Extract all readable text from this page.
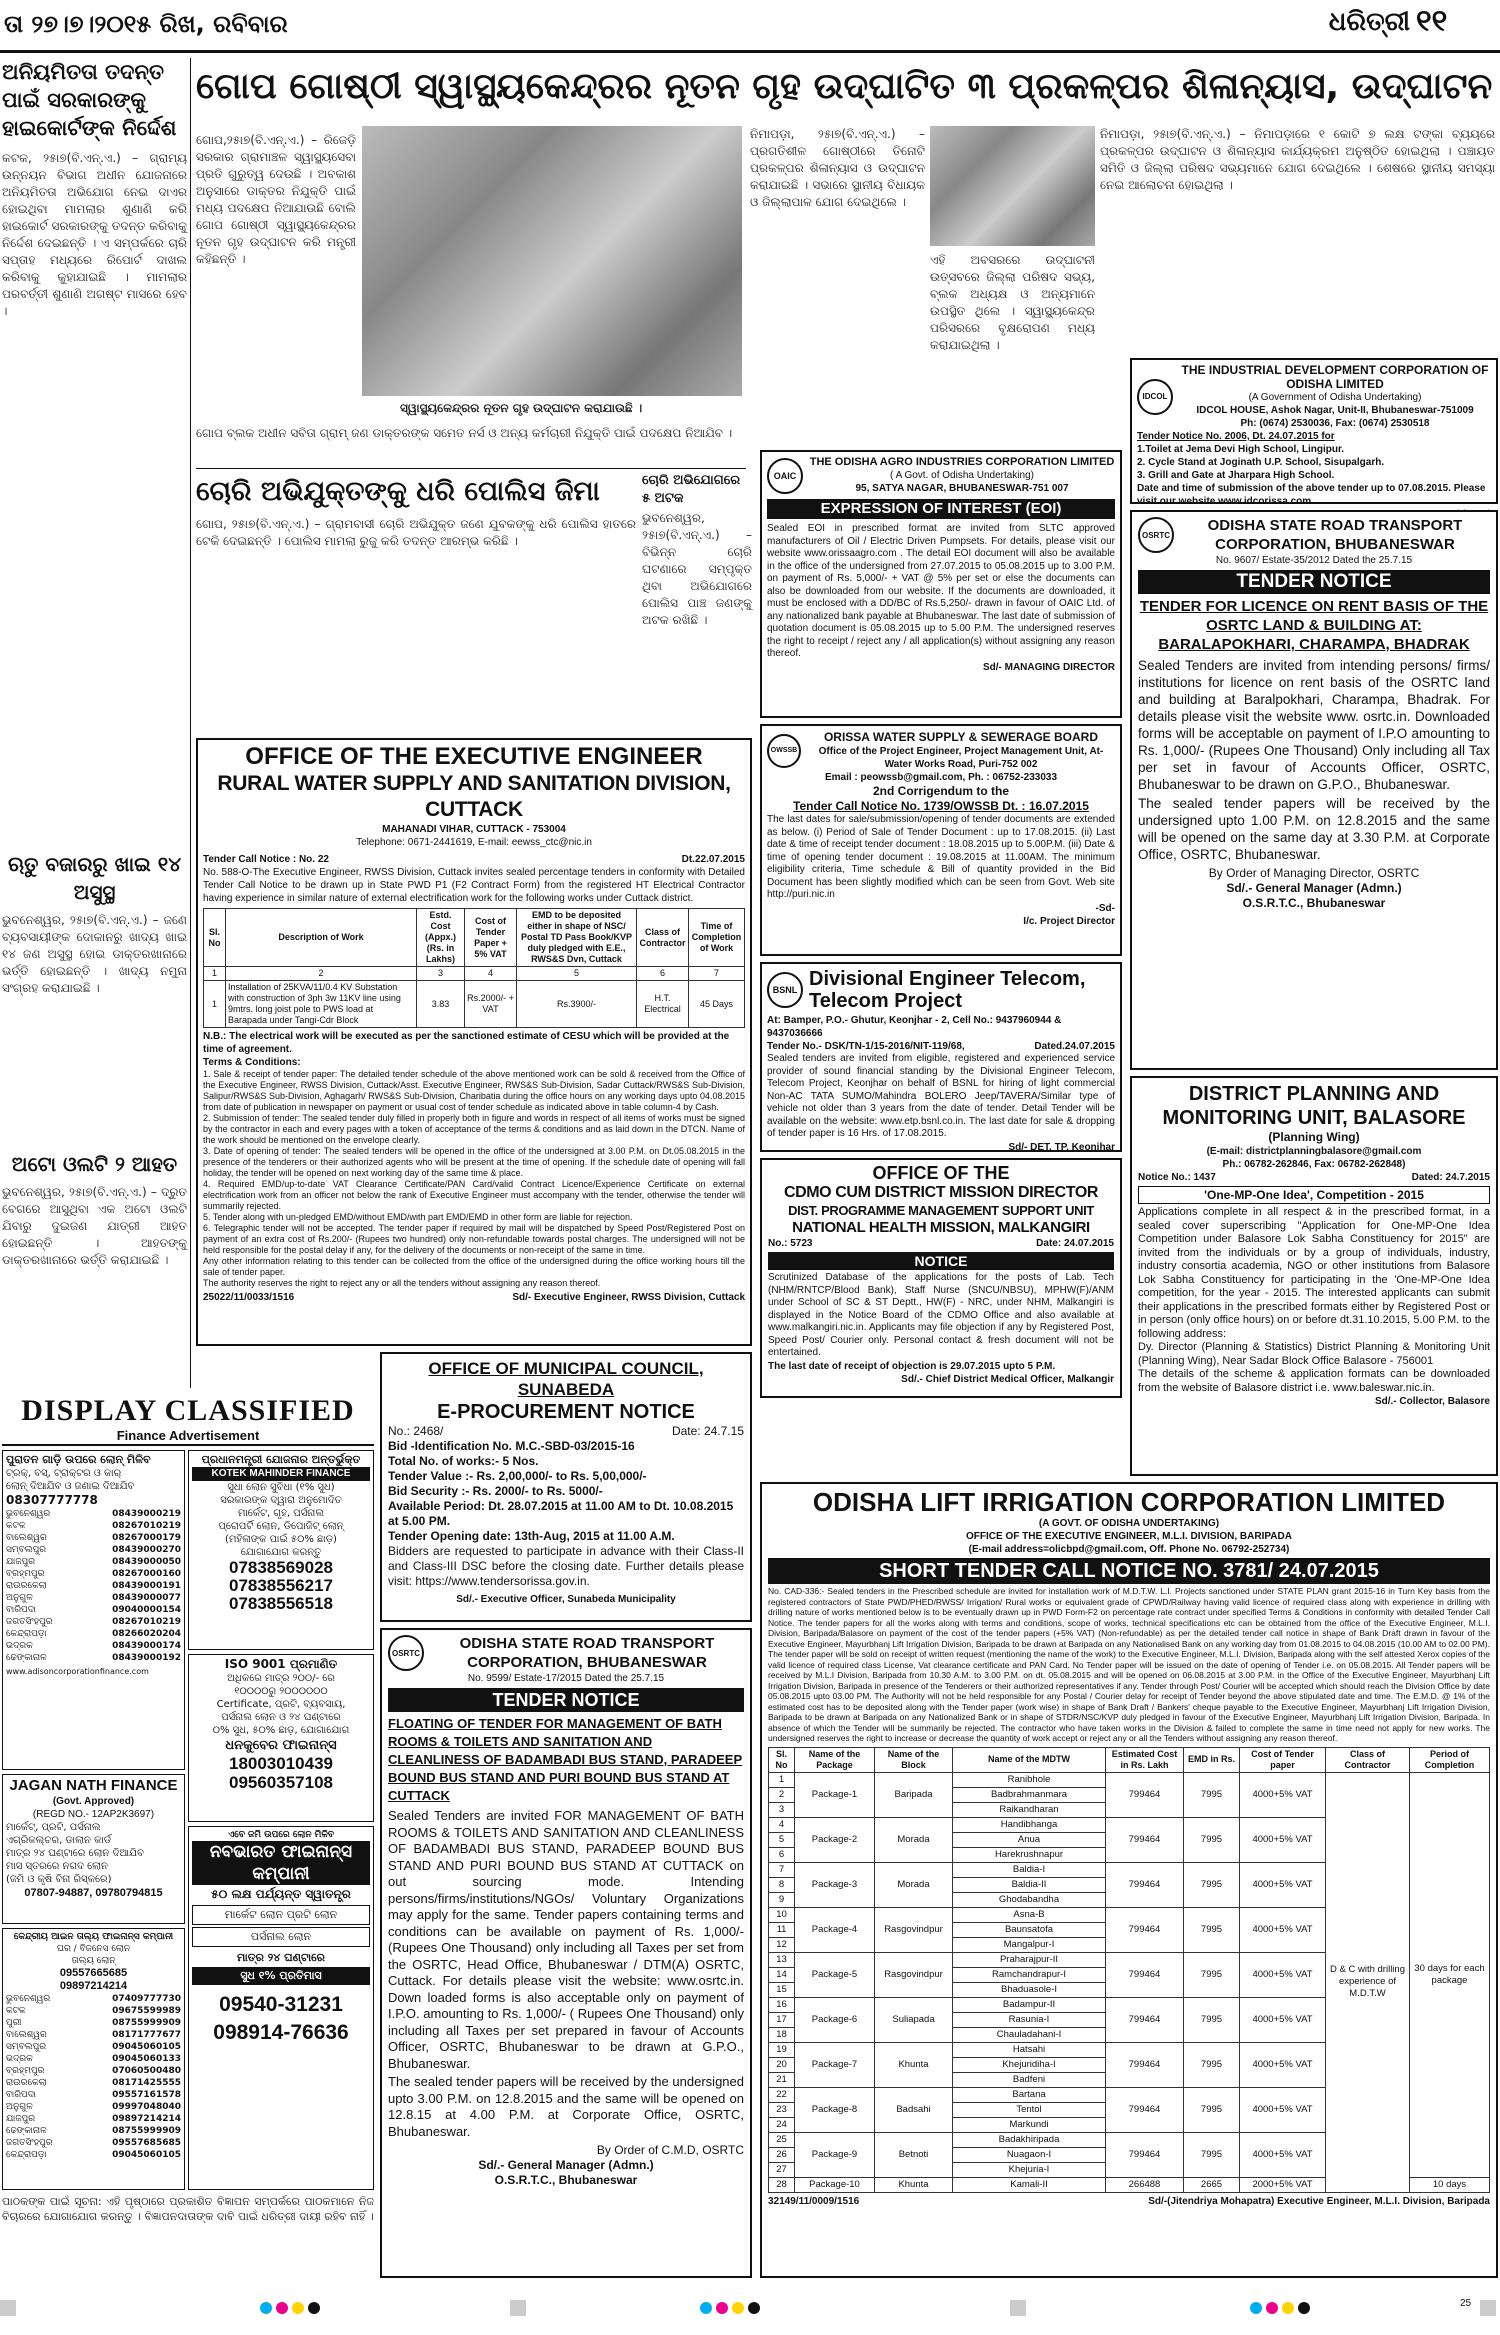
ତା ୨୭।୭।୨୦୧୫ ରିଖ, ରବିବାର	ଧରିତ୍ରୀ ୧୧
ଅନିୟମିତତା ତଦନ୍ତ ପାଇଁ ସରକାରଙ୍କୁ ହାଇକୋର୍ଟଙ୍କ ନିର୍ଦ୍ଦେଶ
କଟକ, ୨୫ା୭(ବି.ଏନ୍.ଏ.) – ଗ୍ରାମ୍ୟ ଉନ୍ନୟନ ବିଭାଗ ଅଧୀନ ଯୋଜନାରେ ଅନିୟମିତତା ଅଭିଯୋଗ ନେଇ ଦାଏର ହୋଇଥିବା ମାମଲାର ଶୁଣାଣି କରି ହାଇକୋର୍ଟ ସରକାରଙ୍କୁ ତଦନ୍ତ କରିବାକୁ ନିର୍ଦ୍ଦେଶ ଦେଇଛନ୍ତି । ଏ ସମ୍ପର୍କରେ ଚାରି ସପ୍ତାହ ମଧ୍ୟରେ ରିପୋର୍ଟ ଦାଖଲ କରିବାକୁ କୁହାଯାଇଛି । ମାମଲାର ପରବର୍ତ୍ତୀ ଶୁଣାଣି ଅଗଷ୍ଟ ମାସରେ ହେବ ।
ଋତୁ ବଜାରରୁ ଖାଇ ୧୪ ଅସୁସ୍ଥ
ଭୁବନେଶ୍ୱର, ୨୫ା୭(ବି.ଏନ୍.ଏ.) – ଜଣେ ବ୍ୟବସାୟୀଙ୍କ ଦୋକାନରୁ ଖାଦ୍ୟ ଖାଇ ୧୪ ଜଣ ଅସୁସ୍ଥ ହୋଇ ଡାକ୍ତରଖାନାରେ ଭର୍ତ୍ତି ହୋଇଛନ୍ତି । ଖାଦ୍ୟ ନମୁନା ସଂଗ୍ରହ କରାଯାଇଛି ।
ଅଟୋ ଓଲଟି ୨ ଆହତ
ଭୁବନେଶ୍ୱର, ୨୫ା୭(ବି.ଏନ୍.ଏ.) – ଦ୍ରୁତ ବେଗରେ ଆସୁଥିବା ଏକ ଅଟୋ ଓଲଟି ଯିବାରୁ ଦୁଇଜଣ ଯାତ୍ରୀ ଆହତ ହୋଇଛନ୍ତି । ଆହତଙ୍କୁ ଡାକ୍ତରଖାନାରେ ଭର୍ତ୍ତି କରାଯାଇଛି ।
ଗୋପ ଗୋଷ୍ଠୀ ସ୍ୱାସ୍ଥ୍ୟକେନ୍ଦ୍ରର ନୂତନ ଗୃହ ଉଦ୍‌ଘାଟିତ ୩ ପ୍ରକଳ୍ପର ଶିଳାନ୍ୟାସ, ଉଦ୍‌ଘାଟନ
ଗୋପ,୨୫ା୭(ବି.ଏନ୍.ଏ.) – ରିଜେଡ଼ି ସରକାର ଗ୍ରାମାଞ୍ଚଳ ସ୍ୱାସ୍ଥ୍ୟସେବା ପ୍ରତି ଗୁରୁତ୍ୱ ଦେଉଛି । ଅବକାଶ ଅନୁସାରେ ଡାକ୍ତର ନିଯୁକ୍ତି ପାଇଁ ମଧ୍ୟ ପଦକ୍ଷେପ ନିଆଯାଉଛି ବୋଲି ଗୋପ ଗୋଷ୍ଠୀ ସ୍ୱାସ୍ଥ୍ୟକେନ୍ଦ୍ରର ନୂତନ ଗୃହ ଉଦ୍‌ଘାଟନ କରି ମନ୍ତ୍ରୀ କହିଛନ୍ତି ।
ସ୍ୱାସ୍ଥ୍ୟକେନ୍ଦ୍ରର ନୂତନ ଗୃହ ଉଦ୍‌ଘାଟନ କରାଯାଉଛି ।
ଗୋପ ବ୍ଲକ ଅଧୀନ ସବିତା ଗ୍ରାମ୍ ଜଣ ଡାକ୍ତରଙ୍କ ସମେତ ନର୍ସ ଓ ଅନ୍ୟ କର୍ମଚାରୀ ନିଯୁକ୍ତି ପାଇଁ ପଦକ୍ଷେପ ନିଆଯିବ ।
ନିମାପଡ଼ା, ୨୫ା୭(ବି.ଏନ୍.ଏ.) – ପ୍ରଗତିଶୀଳ ଗୋଷ୍ଠୀରେ ତିନୋଟି ପ୍ରକଳ୍ପର ଶିଳାନ୍ୟାସ ଓ ଉଦ୍‌ଘାଟନ କରାଯାଇଛି । ସଭାରେ ସ୍ଥାନୀୟ ବିଧାୟକ ଓ ଜିଲ୍ଲାପାଳ ଯୋଗ ଦେଇଥିଲେ ।
ଏହି ଅବସରରେ ଉଦ୍‌ଘାଟନୀ ଉତ୍ସବରେ ଜିଲ୍ଲା ପରିଷଦ ସଭ୍ୟ, ବ୍ଲକ ଅଧ୍ୟକ୍ଷ ଓ ଅନ୍ୟମାନେ ଉପସ୍ଥିତ ଥିଲେ । ସ୍ୱାସ୍ଥ୍ୟକେନ୍ଦ୍ର ପରିସରରେ ବୃକ୍ଷରୋପଣ ମଧ୍ୟ କରାଯାଇଥିଲା ।
ନିମାପଡ଼ା, ୨୫ା୭(ବି.ଏନ୍.ଏ.) – ନିମାପଡ଼ାରେ ୧ କୋଟି ୭ ଲକ୍ଷ ଟଙ୍କା ବ୍ୟୟରେ ପ୍ରକଳ୍ପର ଉଦ୍‌ଘାଟନ ଓ ଶିଳାନ୍ୟାସ କାର୍ଯ୍ୟକ୍ରମ ଅନୁଷ୍ଠିତ ହୋଇଥିଲା । ପଞ୍ଚାୟତ ସମିତି ଓ ଜିଲ୍ଲା ପରିଷଦ ସଭ୍ୟମାନେ ଯୋଗ ଦେଇଥିଲେ । ଶେଷରେ ସ୍ଥାନୀୟ ସମସ୍ୟା ନେଇ ଆଲୋଚନା ହୋଇଥିଲା ।
ଚୋରି ଅଭିଯୁକ୍ତଙ୍କୁ ଧରି ପୋଲିସ ଜିମା
ଗୋପ, ୨୫ା୭(ବି.ଏନ୍.ଏ.) – ଗ୍ରାମବାସୀ ଚୋରି ଅଭିଯୁକ୍ତ ଜଣେ ଯୁବକଙ୍କୁ ଧରି ପୋଲିସ ହାତରେ ଟେକି ଦେଇଛନ୍ତି । ପୋଲିସ ମାମଲା ରୁଜୁ କରି ତଦନ୍ତ ଆରମ୍ଭ କରିଛି ।
ଚୋରି ଅଭିଯୋଗରେ ୫ ଅଟକ
ଭୁବନେଶ୍ୱର, ୨୫ା୭(ବି.ଏନ୍.ଏ.) – ବିଭିନ୍ନ ଚୋରି ଘଟଣାରେ ସମ୍ପୃକ୍ତ ଥିବା ଅଭିଯୋଗରେ ପୋଲିସ ପାଞ୍ଚ ଜଣଙ୍କୁ ଅଟକ ରଖିଛି ।
OFFICE OF THE EXECUTIVE ENGINEER
RURAL WATER SUPPLY AND SANITATION DIVISION, CUTTACK
MAHANADI VIHAR, CUTTACK - 753004
Telephone: 0671-2441619, E-mail: eewss_ctc@nic.in
Tender Call Notice : No. 22	Dt.22.07.2015
No. 588-O-The Executive Engineer, RWSS Division, Cuttack invites sealed percentage tenders in conformity with Detailed Tender Call Notice to be drawn up in State PWD P1 (F2 Contract Form) from the registered HT Electrical Contractor having experience in similar nature of external electrification work for the following works under Cuttack district.
Sl. No	Description of Work	Estd. Cost (Appx.) (Rs. in Lakhs)	Cost of Tender Paper + 5% VAT	EMD to be deposited either in shape of NSC/ Postal TD Pass Book/KVP duly pledged with E.E., RWS&S Dvn, Cuttack	Class of Contractor	Time of Completion of Work
1	2	3	4	5	6	7
1	Installation of 25KVA/11/0.4 KV Substation with construction of 3ph 3w 11KV line using 9mtrs. long joist pole to PWS load at Barapada under Tangi-Cdr Block	3.83	Rs.2000/- + VAT	Rs.3900/-	H.T. Electrical	45 Days
N.B.: The electrical work will be executed as per the sanctioned estimate of CESU which will be provided at the time of agreement.
Terms & Conditions:
1. Sale & receipt of tender paper: The detailed tender schedule of the above mentioned work can be sold & received from the Office of the Executive Engineer, RWSS Division, Cuttack/Asst. Executive Engineer, RWS&S Sub-Division, Sadar Cuttack/RWS&S Sub-Division, Salipur/RWS&S Sub-Division, Aghagarh/ RWS&S Sub-Division, Charibatia during the office hours on any working days upto 04.08.2015 from date of publication in newspaper on payment or usual cost of tender schedule as indicated above in table column-4 by Cash.
2. Submission of tender: The sealed tender duly filled in properly both in figure and words in respect of all items of works must be signed by the contractor in each and every pages with a token of acceptance of the terms & conditions and as laid down in the DTCN. Name of the work should be mentioned on the envelope clearly.
3. Date of opening of tender: The sealed tenders will be opened in the office of the undersigned at 3.00 P.M. on Dt.05.08.2015 in the presence of the tenderers or their authorized agents who will be present at the time of opening. If the schedule date of opening will fall holiday, the tender will be opened on next working day of the same time & place.
4. Required EMD/up-to-date VAT Clearance Certificate/PAN Card/valid Contract Licence/Experience Certificate on external electrification work from an officer not below the rank of Executive Engineer must accompany with the tender, otherwise the tender will summarily rejected.
5. Tender along with un-pledged EMD/without EMD/with part EMD/EMD in other form are liable for rejection.
6. Telegraphic tender will not be accepted. The tender paper if required by mail will be dispatched by Speed Post/Registered Post on payment of an extra cost of Rs.200/- (Rupees two hundred) only non-refundable towards postal charges. The undersigned will not be held responsible for the postal delay if any, for the delivery of the documents or non-receipt of the same in time.
Any other information relating to this tender can be collected from the office of the undersigned during the office working hours till the sale of tender paper.
The authority reserves the right to reject any or all the tenders without assigning any reason thereof.
25022/11/0033/1516	Sd/- Executive Engineer, RWSS Division, Cuttack
OAIC
THE ODISHA AGRO INDUSTRIES CORPORATION LIMITED
( A Govt. of Odisha Undertaking)
95, SATYA NAGAR, BHUBANESWAR-751 007
EXPRESSION OF INTEREST (EOI)
Sealed EOI in prescribed format are invited from SLTC approved manufacturers of Oil / Electric Driven Pumpsets. For details, please visit our website www.orissaagro.com . The detail EOI document will also be available in the office of the undersigned from 27.07.2015 to 05.08.2015 up to 3.00 P.M. on payment of Rs. 5,000/- + VAT @ 5% per set or else the documents can also be downloaded from our website. If the documents are downloaded, it must be enclosed with a DD/BC of Rs.5,250/- drawn in favour of OAIC Ltd. of any nationalized bank payable at Bhubaneswar. The last date of submission of quotation document is 05.08.2015 up to 5.00 P.M. The undersigned reserves the right to receipt / reject any / all application(s) without assigning any reason thereof.
Sd/- MANAGING DIRECTOR
OWSSB
ORISSA WATER SUPPLY & SEWERAGE BOARD
Office of the Project Engineer, Project Management Unit, At-Water Works Road, Puri-752 002
Email : peowssb@gmail.com, Ph. : 06752-233033
2nd Corrigendum to the
Tender Call Notice No. 1739/OWSSB Dt. : 16.07.2015
The last dates for sale/submission/opening of tender documents are extended as below. (i) Period of Sale of Tender Document : up to 17.08.2015. (ii) Last date & time of receipt tender document : 18.08.2015 up to 5.00P.M. (iii) Date & time of opening tender document : 19.08.2015 at 11.00AM. The minimum eligibility criteria, Time schedule & Bill of quantity provided in the Bid Document has been slightly modified which can be seen from Govt. Web site http://puri.nic.in
-Sd-
I/c. Project Director
BSNL Divisional Engineer Telecom, Telecom Project
At: Bamper, P.O.- Ghutur, Keonjhar - 2, Cell No.: 9437960944 & 9437036666
Tender No.- DSK/TN-1/15-2016/NIT-119/68,	Dated.24.07.2015
Sealed tenders are invited from eligible, registered and experienced service provider of sound financial standing by the Divisional Engineer Telecom, Telecom Project, Keonjhar on behalf of BSNL for hiring of light commercial Non-AC TATA SUMO/Mahindra BOLERO Jeep/TAVERA/Similar type of vehicle not older than 3 years from the date of tender. Detail Tender will be available on the website: www.etp.bsnl.co.in. The last date for sale & dropping of tender paper is 16 Hrs. of 17.08.2015.
Sd/- DET, TP, Keonjhar
OFFICE OF THE
CDMO CUM DISTRICT MISSION DIRECTOR
DIST. PROGRAMME MANAGEMENT SUPPORT UNIT
NATIONAL HEALTH MISSION, MALKANGIRI
No.: 5723	Date: 24.07.2015
NOTICE
Scrutinized Database of the applications for the posts of Lab. Tech (NHM/RNTCP/Blood Bank), Staff Nurse (SNCU/NBSU), MPHW(F)/ANM under School of SC & ST Deptt., HW(F) - NRC, under NHM, Malkangiri is displayed in the Notice Board of the CDMO Office and also available at www.malkangiri.nic.in. Applicants may file objection if any by Registered Post, Speed Post/ Courier only. Personal contact & fresh document will not be entertained.
The last date of receipt of objection is 29.07.2015 upto 5 P.M.
Sd/.- Chief District Medical Officer, Malkangir
IDCOL
THE INDUSTRIAL DEVELOPMENT CORPORATION OF ODISHA LIMITED
(A Government of Odisha Undertaking)
IDCOL HOUSE, Ashok Nagar, Unit-II, Bhubaneswar-751009
Ph: (0674) 2530036, Fax: (0674) 2530518
Tender Notice No. 2006, Dt. 24.07.2015 for
1.Toilet at Jema Devi High School, Lingipur.
2. Cycle Stand at Joginath U.P. School, Sisupalgarh.
3. Grill and Gate at Jharpara High School.
Date and time of submission of the above tender up to 07.08.2015. Please visit our website www.idcorissa.com
OSRTC
ODISHA STATE ROAD TRANSPORT CORPORATION, BHUBANESWAR
No. 9607/ Estate-35/2012 Dated the 25.7.15
TENDER NOTICE
TENDER FOR LICENCE ON RENT BASIS OF THE OSRTC LAND & BUILDING AT: BARALAPOKHARI, CHARAMPA, BHADRAK
Sealed Tenders are invited from intending persons/ firms/ institutions for licence on rent basis of the OSRTC land and building at Baralpokhari, Charampa, Bhadrak. For details please visit the website www. osrtc.in. Downloaded forms will be acceptable on payment of I.P.O amounting to Rs. 1,000/- (Rupees One Thousand) Only including all Tax per set in favour of Accounts Officer, OSRTC, Bhubaneswar to be drawn on G.P.O., Bhubaneswar.
The sealed tender papers will be received by the undersigned upto 1.00 P.M. on 12.8.2015 and the same will be opened on the same day at 3.30 P.M. at Corporate Office, OSRTC, Bhubaneswar.
By Order of Managing Director, OSRTC
Sd/.- General Manager (Admn.)
O.S.R.T.C., Bhubaneswar
DISTRICT PLANNING AND MONITORING UNIT, BALASORE
(Planning Wing)
(E-mail: districtplanningbalasore@gmail.com
Ph.: 06782-262846, Fax: 06782-262848)
Notice No.: 1437	Dated: 24.7.2015
'One-MP-One Idea', Competition - 2015
Applications complete in all respect & in the prescribed format, in a sealed cover superscribing "Application for One-MP-One Idea Competition under Balasore Lok Sabha Constituency for 2015" are invited from the individuals or by a group of individuals, industry, industry consortia academia, NGO or other institutions from Balasore Lok Sabha Constituency for participating in the 'One-MP-One Idea competition, for the year - 2015. The interested applicants can submit their applications in the prescribed formats either by Registered Post or in person (only office hours) on or before dt.31.10.2015, 5.00 P.M. to the following address:
Dy. Director (Planning & Statistics) District Planning & Monitoring Unit (Planning Wing), Near Sadar Block Office Balasore - 756001
The details of the scheme & application formats can be downloaded from the website of Balasore district i.e. www.baleswar.nic.in.
Sd/.- Collector, Balasore
DISPLAY CLASSIFIED
Finance Advertisement
ପୁରାତନ ଗାଡ଼ି ଉପରେ ଲୋନ୍ ମିଳିବ
ଟ୍ରକ୍, ବସ୍, ଟ୍ରାକ୍ଟର ଓ କାର୍
ଲୋନ୍ ଦିଆଯିବ ଓ ଜଣାଇ ଦିଆଯିବ
08307777778
ଭୁବନେଶ୍ୱର	08439000219
କଟକ	08267010219
ବାଲେଶ୍ୱର	08267000179
ସମ୍ବଲପୁର	08439000270
ଯାଜପୁର	08439000050
ବ୍ରହ୍ମପୁର	08267000160
ରାଉରକେଲା	08439000191
ଅନୁଗୁଳ	08439000077
ବାରିପଦା	09040000154
ଜଗତସିଂହପୁର	08267010219
କେନ୍ଦ୍ରାପଡ଼ା	08266020204
ଭଦ୍ରକ	08439000174
ଢେଙ୍କାନାଳ	08439000192
www.adisoncorporationfinance.com
ପ୍ରଧାନମନ୍ତ୍ରୀ ଯୋଜନାର ଅନ୍ତର୍ଭୁକ୍ତ
KOTEK MAHINDER FINANCE
ସୁଧା ଲୋନ ସୁବିଧା (୧% ସୁଧ)
ସରକାରଙ୍କ ଦ୍ୱାରା ଅନୁମୋଦିତ
ମାର୍କେଟ, ଗୃହ, ପର୍ସନାଲ
ପ୍ରୋପର୍ଟି ଲୋନ, ଡିପୋଜିଟ୍ ଲୋନ୍
(ମହିଳାଙ୍କ ପାଇଁ ୫୦% ଛାଡ଼)
ଯୋଗାଯୋଗ କରନ୍ତୁ
07838569028
07838556217
07838556518
JAGAN NATH FINANCE
(Govt. Approved)
(REGD NO.- 12AP2K3697)
ମାର୍କେଟ୍, ପ୍ରଟି, ପର୍ସନାଲ
ଏଗ୍ରିକଲ୍ଚର, ଡାଲାନ କାର୍ଡ
ମାତ୍ର ୨୪ ଘଣ୍ଟାରେ ଲୋନ ଦିଆଯିବ
ମାସ ସ୍ତରରେ ନଗଦ ଲୋନ
(ଜମି ଓ କୃଷି ବିନା ରିସ୍କରେ)
07807-94887, 09780794815
ISO 9001 ପ୍ରମାଣିତ
ଅଧିକରେ ମାତ୍ର ୨୦୦/- ରେ
୧୦୦୦୦ରୁ ୨୦୦୦୦୦୦
Certificate, ପ୍ରଟି, ବ୍ୟବସାୟ,
ପର୍ସନାଲ ଲୋନ ଓ ୨୪ ଘଣ୍ଟାରେ
୦% ସୁଧ, ୫୦% ଛାଡ଼, ଯୋଗାଯୋଗ
ଧନକୁବେର ଫାଇନାନ୍ସ
18003010439
09560357108
କେନ୍ଦ୍ରୀୟ ଆଇନ ତାଲ୍ୟ ଫାଇନାନ୍ସ କମ୍ପାନୀ
ଘର / ବିଜନେସ ଲୋନ
ତାଲ୍ୟ ଲୋନ୍
09557665685
09897214214
ଭୁବନେଶ୍ୱର	07409777730
କଟକ	09675599989
ପୁରୀ	08755999909
ବାଲେଶ୍ୱର	08171777677
ସମ୍ବଲପୁର	09045060105
ଭଦ୍ରକ	09045060133
ବ୍ରହ୍ମପୁର	07060500480
ରାଉରକେଲା	08171425555
ବାରିପଦା	09557161578
ଅନୁଗୁଳ	09997048040
ଯାଜପୁର	09897214214
ଢେଙ୍କାନାଳ	08755999909
ଜଗତସିଂହପୁର	09557685685
କେନ୍ଦ୍ରାପଡ଼ା	09045060105
ଏବେ ଜମି ଉପରେ ଲୋନ ମିଳିବ
ନବଭାରତ ଫାଇନାନ୍ସ କମ୍ପାନୀ
୫୦ ଲକ୍ଷ ପର୍ଯ୍ୟନ୍ତ ସ୍ୱାତନ୍ତ୍ର
ମାର୍କେଟ ଲୋନ ପ୍ରଟି ଲୋନ
ପର୍ସନାଲ ଲୋନ
ମାତ୍ର ୨୪ ଘଣ୍ଟାରେ
ସୁଧ ୧% ପ୍ରତିମାସ
09540-31231
098914-76636
ପାଠକଙ୍କ ପାଇଁ ସୂଚନା: ଏହି ପୃଷ୍ଠାରେ ପ୍ରକାଶିତ ବିଜ୍ଞାପନ ସମ୍ପର୍କରେ ପାଠକମାନେ ନିଜ ବିଚାରରେ ଯୋଗାଯୋଗ କରନ୍ତୁ । ବିଜ୍ଞାପନଦାତାଙ୍କ ଦାବି ପାଇଁ ଧରିତ୍ରୀ ଦାୟୀ ରହିବ ନାହିଁ ।
OFFICE OF MUNICIPAL COUNCIL, SUNABEDA
E-PROCUREMENT NOTICE
No.: 2468/	Date: 24.7.15
Bid -Identification No. M.C.-SBD-03/2015-16
Total No. of works:- 5 Nos.
Tender Value :- Rs. 2,00,000/- to Rs. 5,00,000/-
Bid Security :- Rs. 2000/- to Rs. 5000/-
Available Period: Dt. 28.07.2015 at 11.00 AM to Dt. 10.08.2015 at 5.00 PM.
Tender Opening date: 13th-Aug, 2015 at 11.00 A.M.
Bidders are requested to participate in advance with their Class-II and Class-III DSC before the closing date. Further details please visit: https://www.tendersorissa.gov.in.
Sd/.- Executive Officer, Sunabeda Municipality
OSRTC
ODISHA STATE ROAD TRANSPORT CORPORATION, BHUBANESWAR
No. 9599/ Estate-17/2015 Dated the 25.7.15
TENDER NOTICE
FLOATING OF TENDER FOR MANAGEMENT OF BATH ROOMS & TOILETS AND SANITATION AND CLEANLINESS OF BADAMBADI BUS STAND, PARADEEP BOUND BUS STAND AND PURI BOUND BUS STAND AT CUTTACK
Sealed Tenders are invited FOR MANAGEMENT OF BATH ROOMS & TOILETS AND SANITATION AND CLEANLINESS OF BADAMBADI BUS STAND, PARADEEP BOUND BUS STAND AND PURI BOUND BUS STAND AT CUTTACK on out sourcing mode. Intending persons/firms/institutions/NGOs/ Voluntary Organizations may apply for the same. Tender papers containing terms and conditions can be available on payment of Rs. 1,000/- (Rupees One Thousand) only including all Taxes per set from the OSRTC, Head Office, Bhubaneswar / DTM(A) OSRTC, Cuttack. For details please visit the website: www.osrtc.in. Down loaded forms is also acceptable only on payment of I.P.O. amounting to Rs. 1,000/- ( Rupees One Thousand) only including all Taxes per set prepared in favour of Accounts Officer, OSRTC, Bhubaneswar to be drawn at G.P.O., Bhubaneswar.
The sealed tender papers will be received by the undersigned upto 3.00 P.M. on 12.8.2015 and the same will be opened on 12.8.15 at 4.00 P.M. at Corporate Office, OSRTC, Bhubaneswar.
By Order of C.M.D, OSRTC
Sd/.- General Manager (Admn.)
O.S.R.T.C., Bhubaneswar
ODISHA LIFT IRRIGATION CORPORATION LIMITED
(A GOVT. OF ODISHA UNDERTAKING)
OFFICE OF THE EXECUTIVE ENGINEER, M.L.I. DIVISION, BARIPADA
(E-mail address=olicbpd@gmail.com, Off. Phone No. 06792-252734)
SHORT TENDER CALL NOTICE NO. 3781/ 24.07.2015
No. CAD-336:- Sealed tenders in the Prescribed schedule are invited for installation work of M.D.T.W. L.I. Projects sanctioned under STATE PLAN grant 2015-16 in Turn Key basis from the registered contractors of State PWD/PHED/RWSS/ Irrigation/ Rural works or equivalent grade of CPWD/Railway having valid licence of required class along with experience in drilling with drilling nature of works mentioned below is to be eventually drawn up in PWD Form-F2 on percentage rate contract under specified Terms & Conditions in conformity with detailed Tender Call Notice. The tender papers for all the works along with terms and conditions, scope of works, technical specifications etc can be obtained from the office of the Executive Engineer, M.L.I. Division, Baripada/Balasore on payment of the cost of the tender papers (+5% VAT) (Non-refundable) as per the detailed tender call notice in shape of Bank Draft drawn in favour of the Executive Engineer, Mayurbhanj Lift Irrigation Division, Baripada to be drawn at Baripada on any Nationalised Bank on any working day from 01.08.2015 to 04.08.2015 (10.00 AM to 02.00 PM). The tender paper will be sold on receipt of written request (mentioning the name of the work) to the Executive Engineer, M.L.I. Division, Baripada along with the self attested Xerox copies of the valid licence of required class License, Vat clearance certificate and PAN Card. No Tender paper will be issued on the date of opening of Tender i.e. on 05.08.2015. All Tender papers will be received by M.L.I Division, Baripada from 10.30 A.M. to 3.00 P.M. on dt. 05.08.2015 and will be opened on 06.08.2015 at 3.00 P.M. in the Office of the Executive Engineer, Mayurbhanj Lift Irrigation Division, Baripada in presence of the Tenderers or their authorized representatives if any. Tender through Post/ Courier will be accepted which should reach the Division Office by date 05.08.2015 upto 03.00 PM. The Authority will not be held responsible for any Postal / Courier delay for receipt of Tender beyond the above stipulated date and time. The E.M.D. @ 1% of the estimated cost has to be deposited along with the Tender paper (work wise) in shape of Bank Draft / Bankers' cheque payable to the Executive Engineer, Mayurbhanj Lift Irrigation Division, Baripada to be drawn at Baripada on any Nationalized Bank or in shape of STDR/NSC/KVP duly pledged in favour of the Executive Engineer, Mayurbhanj Lift Irrigation Division, Baripada. In absence of which the Tender will be summarily be rejected. The contractor who have taken works in the Division & failed to complete the same in time need not apply for new works. The undersigned reserves the right to increase or decrease the quantity of work accept or reject any or all the Tenders without assigning any reason thereof.
Sl. No	Name of the Package	Name of the Block	Name of the MDTW	Estimated Cost in Rs. Lakh	EMD in Rs.	Cost of Tender paper	Class of Contractor	Period of Completion
1	Package-1	Baripada	Ranibhole	799464	7995	4000+5% VAT	D & C with drilling experience of M.D.T.W	30 days for each package
2			Badbrahmanmara					
3			Raikandharan					
4	Package-2	Morada	Handibhanga	799464	7995	4000+5% VAT		
5			Anua					
6			Harekrushnapur					
7	Package-3	Morada	Baldia-I	799464	7995	4000+5% VAT		
8			Baldia-II					
9			Ghodabandha					
10	Package-4	Rasgovindpur	Asna-B	799464	7995	4000+5% VAT		
11			Baunsatofa					
12			Mangalpur-I					
13	Package-5	Rasgovindpur	Praharajpur-II	799464	7995	4000+5% VAT		
14			Ramchandrapur-I					
15			Bhaduasole-I					
16	Package-6	Suliapada	Badampur-II	799464	7995	4000+5% VAT		
17			Rasunia-I					
18			Chauladahani-I					
19	Package-7	Khunta	Hatsahi	799464	7995	4000+5% VAT		
20			Khejuridiha-I					
21			Badfeni					
22	Package-8	Badsahi	Bartana	799464	7995	4000+5% VAT		
23			Tentol					
24			Markundi					
25	Package-9	Betnoti	Badakhiripada	799464	7995	4000+5% VAT		
26			Nuagaon-I					
27			Khejuria-I					
28	Package-10	Khunta	Kamali-II	266488	2665	2000+5% VAT		10 days
32149/11/0009/1516	Sd/-(Jitendriya Mohapatra) Executive Engineer, M.L.I. Division, Baripada
25
